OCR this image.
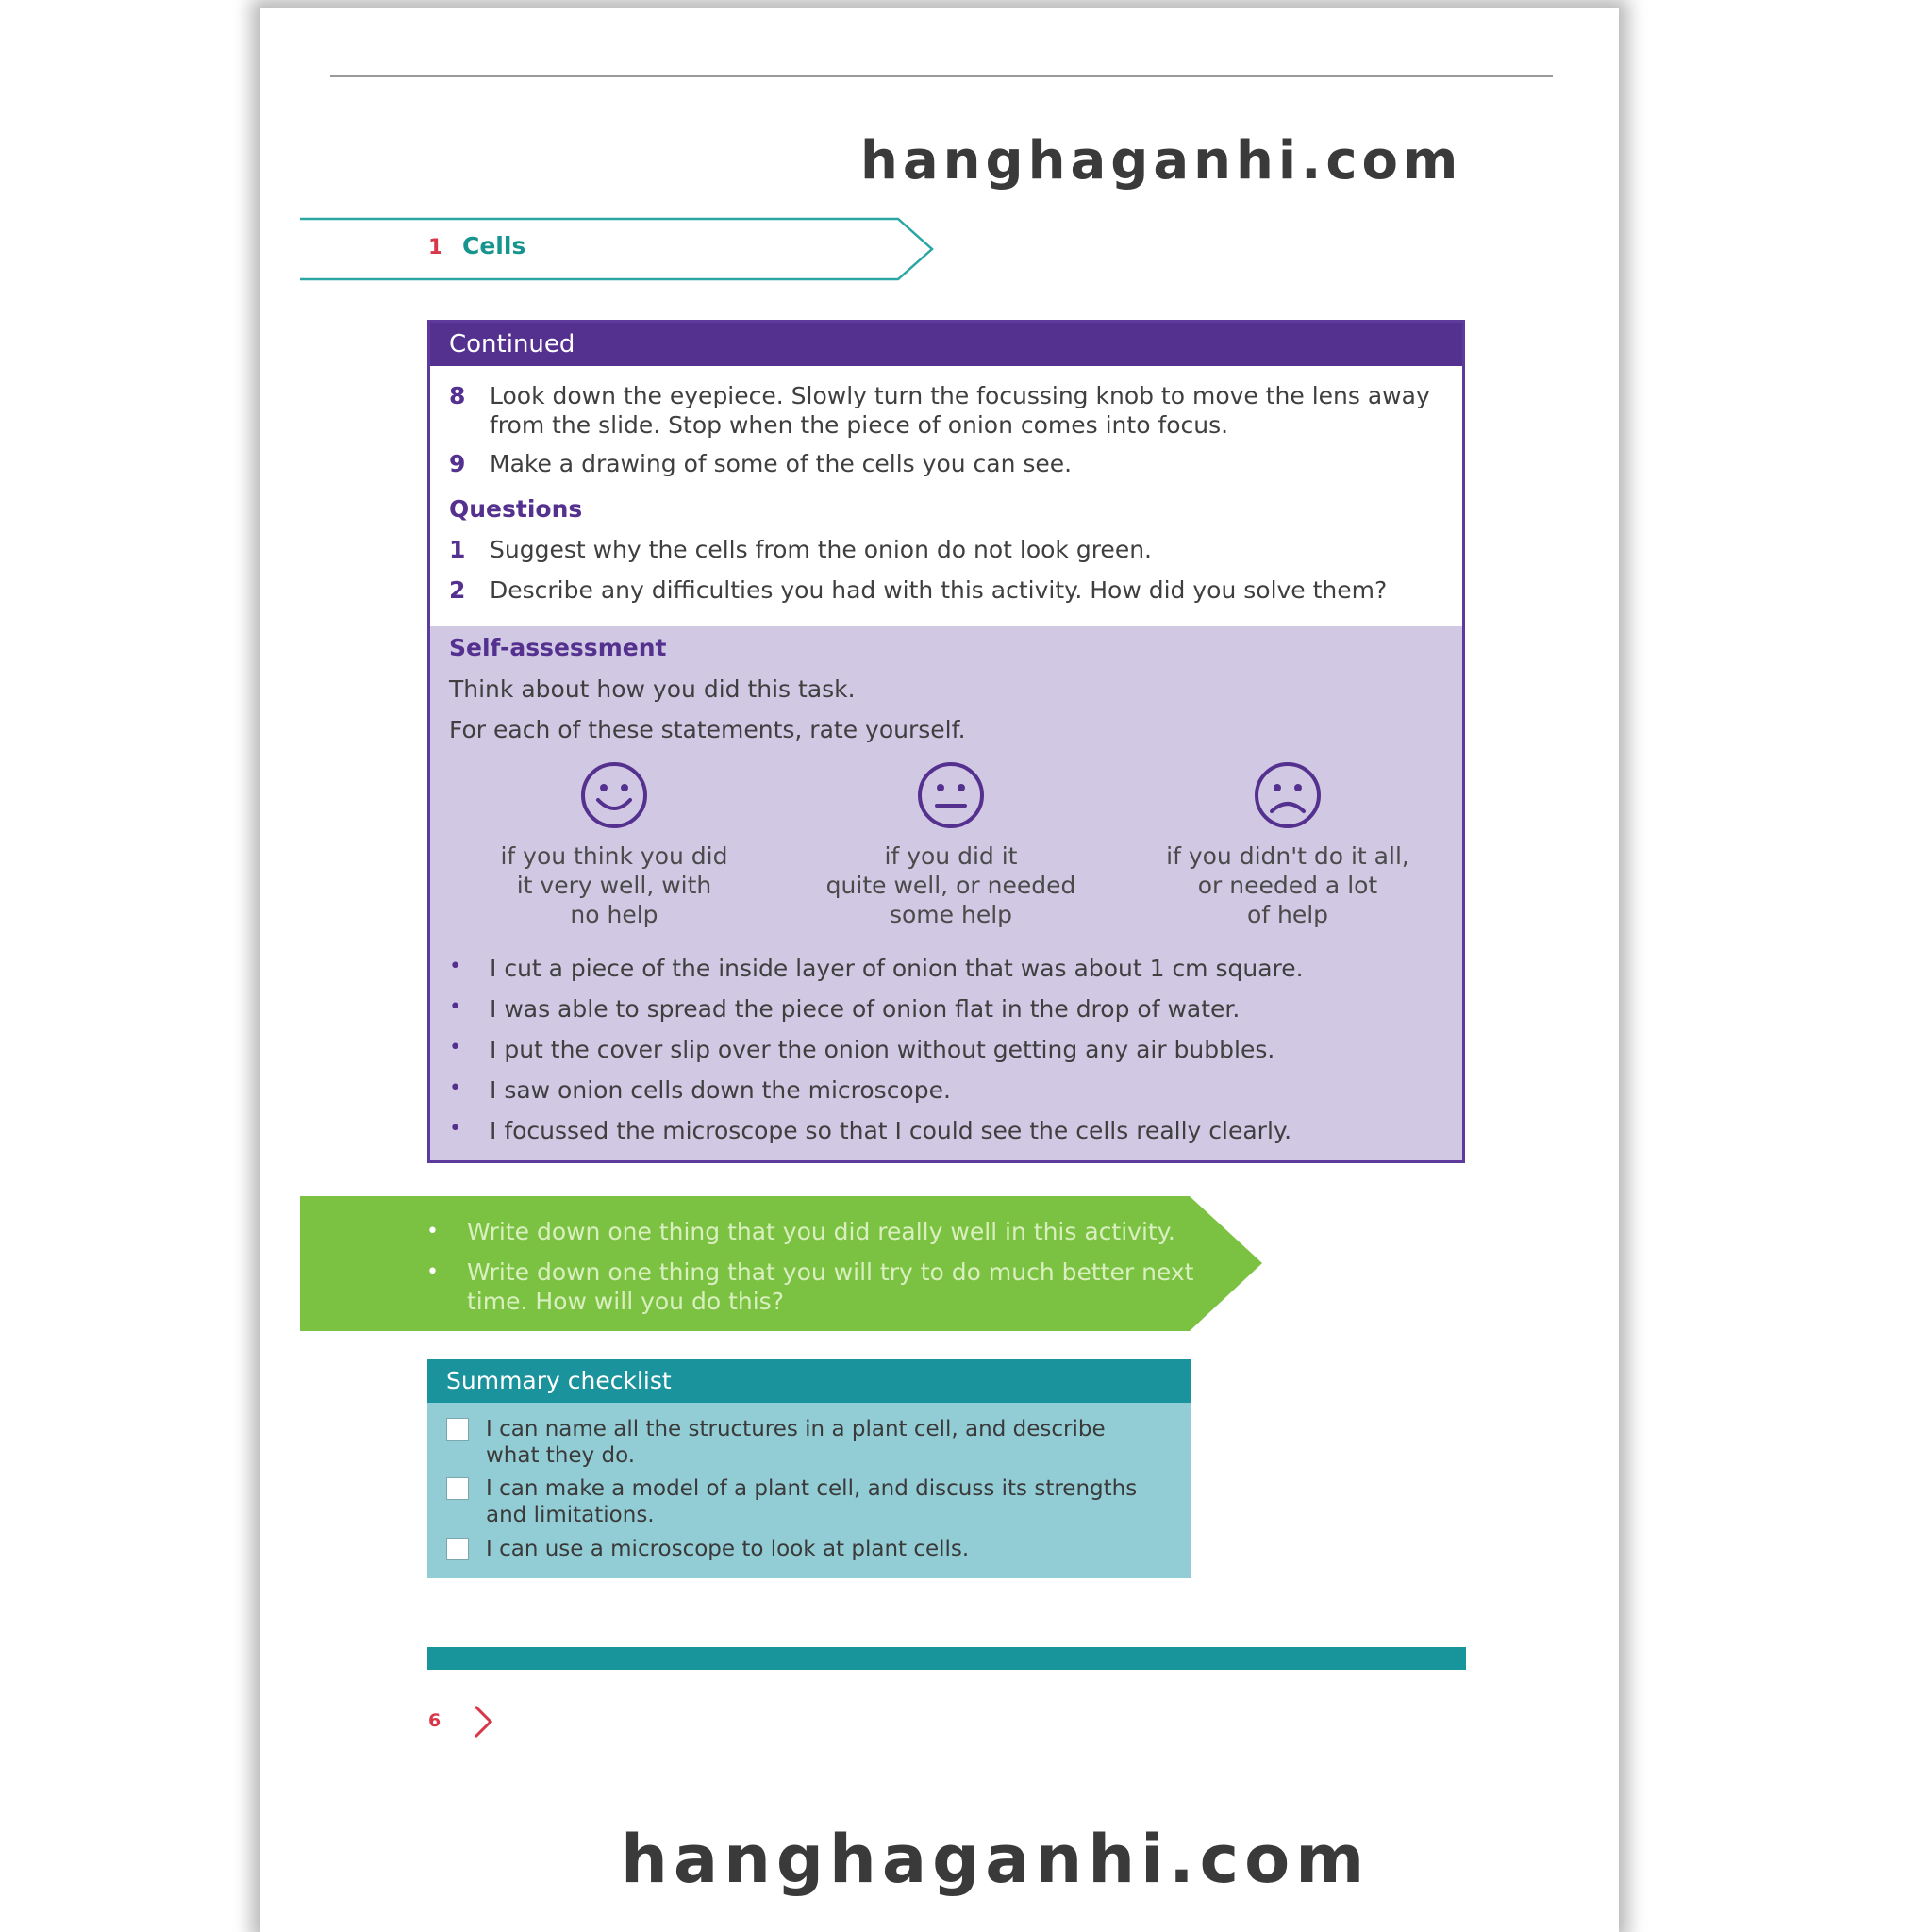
hanghaganhi.com
1 Cells
Continued
8 Look down the eyepiece. Slowly turn the focussing knob to move the lens away from the slide. Stop when the piece of onion comes into focus.
9 Make a drawing of some of the cells you can see.
Questions
1 Suggest why the cells from the onion do not look green.
2 Describe any difficulties you had with this activity. How did you solve them?
Self-assessment
Think about how you did this task.
For each of these statements, rate yourself.
if you think you did
it very well, with
no help
if you did it
quite well, or needed
some help
if you didn't do it all,
or needed a lot
of help
• I cut a piece of the inside layer of onion that was about 1 cm square.
• I was able to spread the piece of onion flat in the drop of water.
• I put the cover slip over the onion without getting any air bubbles.
• I saw onion cells down the microscope.
• I focussed the microscope so that I could see the cells really clearly.
• Write down one thing that you did really well in this activity.
• Write down one thing that you will try to do much better next time. How will you do this?
Summary checklist
I can name all the structures in a plant cell, and describe what they do.
I can make a model of a plant cell, and discuss its strengths and limitations.
I can use a microscope to look at plant cells.
6
hanghaganhi.com
